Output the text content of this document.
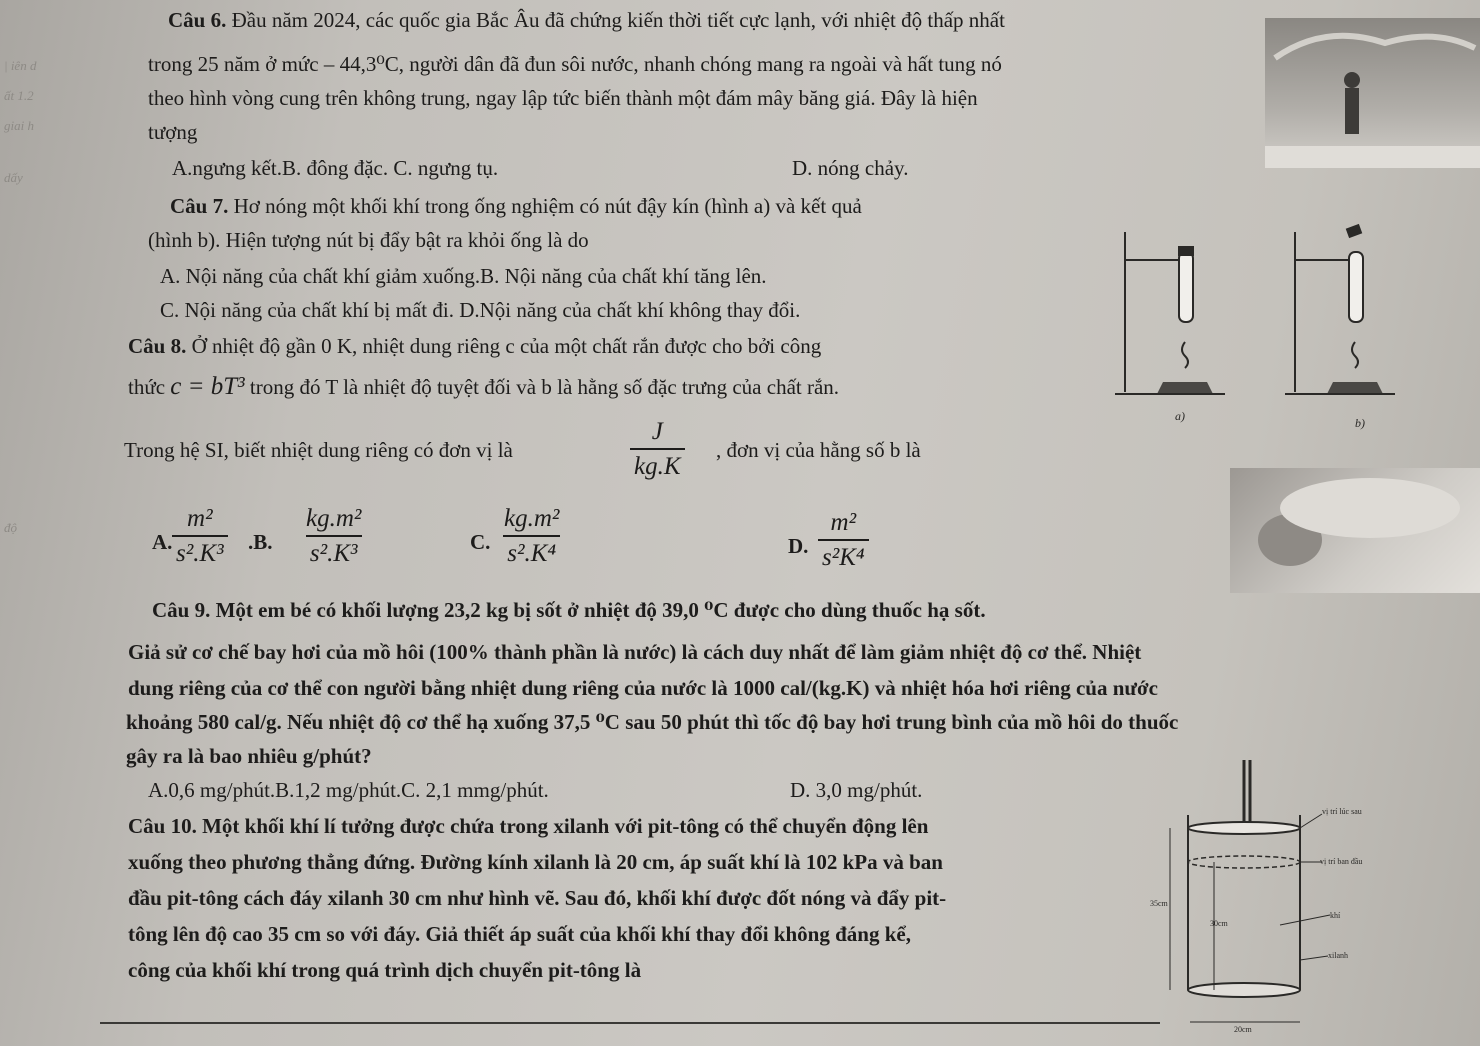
| iên d
ất 1.2
giai h
dấy
độ
Câu 6. Đầu năm 2024, các quốc gia Bắc Âu đã chứng kiến thời tiết cực lạnh, với nhiệt độ thấp nhất
trong 25 năm ở mức – 44,3⁰C, người dân đã đun sôi nước, nhanh chóng mang ra ngoài và hất tung nó
theo hình vòng cung trên không trung, ngay lập tức biến thành một đám mây băng giá. Đây là hiện
tượng
A.ngưng kết.B. đông đặc. C. ngưng tụ.	D. nóng chảy.
Câu 7. Hơ nóng một khối khí trong ống nghiệm có nút đậy kín (hình a) và kết quả
(hình b). Hiện tượng nút bị đẩy bật ra khỏi ống là do
A. Nội năng của chất khí giảm xuống.B. Nội năng của chất khí tăng lên.
C. Nội năng của chất khí bị mất đi. D.Nội năng của chất khí không thay đổi.
a)	b)
Câu 8. Ở nhiệt độ gần 0 K, nhiệt dung riêng c của một chất rắn được cho bởi công
thức c = bT³ trong đó T là nhiệt độ tuyệt đối và b là hằng số đặc trưng của chất rắn.
Trong hệ SI, biết nhiệt dung riêng có đơn vị là	$\frac{J}{kg.K}$ , đơn vị của hằng số b là
A. $\frac{\text{m²}}{\text{s².K³}} .B$. $\frac{\text{kg.m²}}{\text{s².K³}}$	C. $\frac{\text{kg.m²}}{\text{s².K⁴}}$	D. $\frac{\text{m²}}{\text{s²K⁴}}$
Câu 9. Một em bé có khối lượng 23,2 kg bị sốt ở nhiệt độ 39,0 ⁰C được cho dùng thuốc hạ sốt.
Giả sử cơ chế bay hơi của mồ hôi (100% thành phần là nước) là cách duy nhất để làm giảm nhiệt độ cơ thể. Nhiệt
dung riêng của cơ thể con người bằng nhiệt dung riêng của nước là 1000 cal/(kg.K) và nhiệt hóa hơi riêng của nước
khoảng 580 cal/g. Nếu nhiệt độ cơ thể hạ xuống 37,5 ⁰C sau 50 phút thì tốc độ bay hơi trung bình của mồ hôi do thuốc
gây ra là bao nhiêu g/phút?
A.0,6 mg/phút.B.1,2 mg/phút.C. 2,1 mmg/phút.	D. 3,0 mg/phút.
Câu 10. Một khối khí lí tưởng được chứa trong xilanh với pit-tông có thể chuyển động lên
xuống theo phương thẳng đứng. Đường kính xilanh là 20 cm, áp suất khí là 102 kPa và ban
đầu pit-tông cách đáy xilanh 30 cm như hình vẽ. Sau đó, khối khí được đốt nóng và đẩy pit-
tông lên độ cao 35 cm so với đáy. Giả thiết áp suất của khối khí thay đổi không đáng kể,
công của khối khí trong quá trình dịch chuyển pit-tông là
vị trí lúc sau
vị trí ban đầu
35cm
30cm
khí
xilanh
20cm
